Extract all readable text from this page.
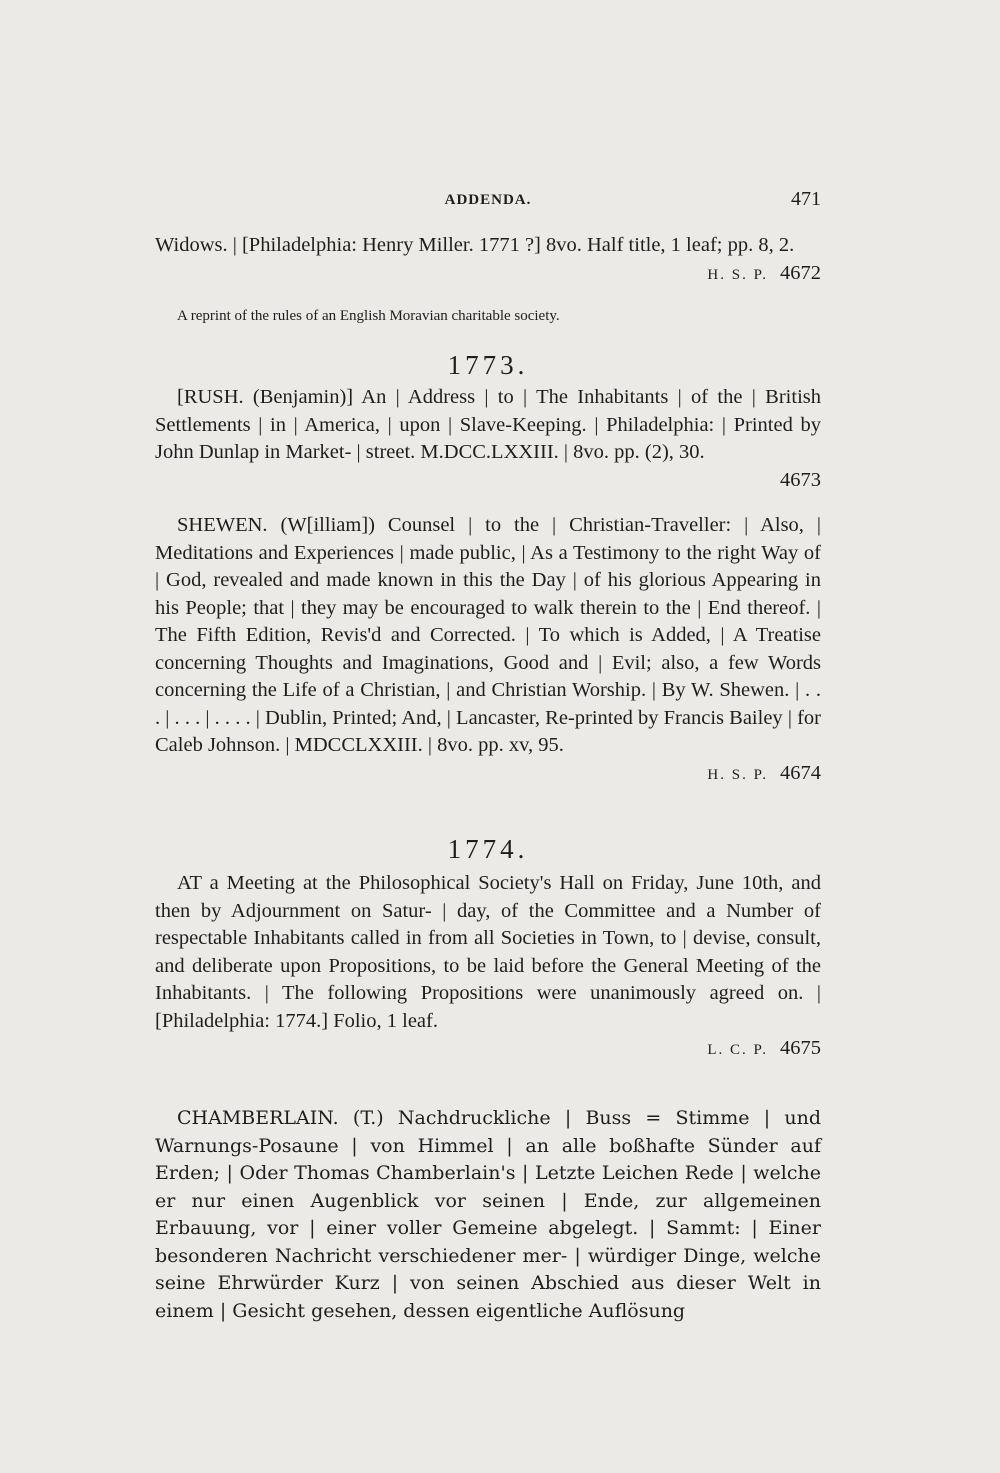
ADDENDA.	471

Widows. | [Philadelphia: Henry Miller. 1771 ?] 8vo. Half title, 1 leaf; pp. 8, 2.
H. S. P. 4672

A reprint of the rules of an English Moravian charitable society.

1773.

[RUSH. (Benjamin)] An | Address | to | The Inhabitants | of the | British Settlements | in | America, | upon | Slave-Keeping. | Philadelphia: | Printed by John Dunlap in Market- | street. M.DCC.LXXIII. | 8vo. pp. (2), 30.
4673

SHEWEN. (W[illiam]) Counsel | to the | Christian-Traveller: | Also, | Meditations and Experiences | made public, | As a Testimony to the right Way of | God, revealed and made known in this the Day | of his glorious Appearing in his People; that | they may be encouraged to walk therein to the | End thereof. | The Fifth Edition, Revis'd and Corrected. | To which is Added, | A Treatise concerning Thoughts and Imaginations, Good and | Evil; also, a few Words concerning the Life of a Christian, | and Christian Worship. | By W. Shewen. | . . . | . . . | . . . . | Dublin, Printed; And, | Lancaster, Re-printed by Francis Bailey | for Caleb Johnson. | MDCCLXXIII. | 8vo. pp. xv, 95.
H. S. P. 4674

1774.

AT a Meeting at the Philosophical Society's Hall on Friday, June 10th, and then by Adjournment on Satur- | day, of the Committee and a Number of respectable Inhabitants called in from all Societies in Town, to | devise, consult, and deliberate upon Propositions, to be laid before the General Meeting of the Inhabitants. | The following Propositions were unanimously agreed on. | [Philadelphia: 1774.] Folio, 1 leaf.
L. C. P. 4675

CHAMBERLAIN. (T.) Nachdruckliche | Buss = Stimme | und Warnungs-Posaune | von Himmel | an alle boßhafte Sünder auf Erden; | Oder Thomas Chamberlain's | Letzte Leichen Rede | welche er nur einen Augenblick vor seinen | Ende, zur allgemeinen Erbauung, vor | einer voller Gemeine abgelegt. | Sammt: | Einer besonderen Nachricht verschiedener mer- | würdiger Dinge, welche seine Ehrwürder Kurz | von seinen Abschied aus dieser Welt in einem | Gesicht gesehen, dessen eigentliche Auflösung
